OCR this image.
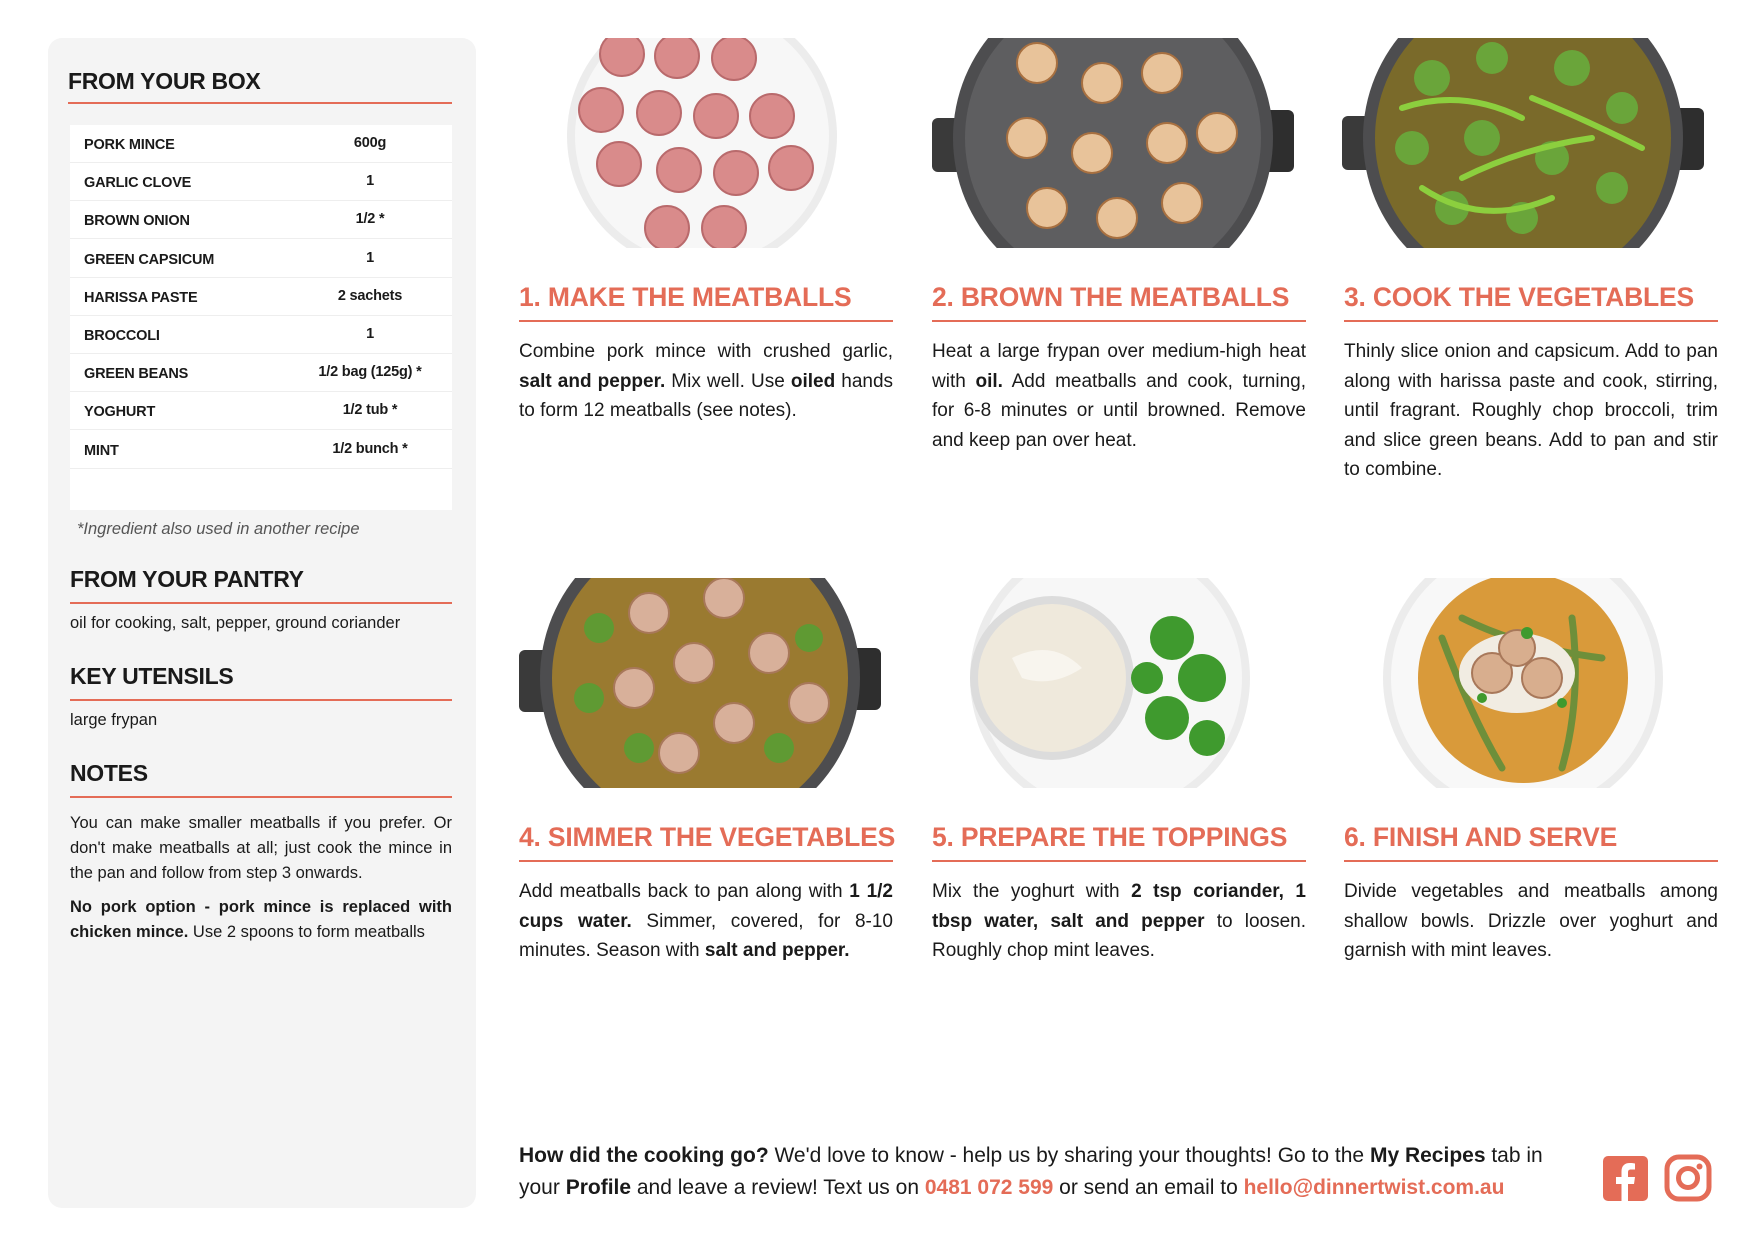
FROM YOUR BOX
PORK MINCE	600g
GARLIC CLOVE	1
BROWN ONION	1/2 *
GREEN CAPSICUM	1
HARISSA PASTE	2 sachets
BROCCOLI	1
GREEN BEANS	1/2 bag (125g) *
YOGHURT	1/2 tub *
MINT	1/2 bunch *
*Ingredient also used in another recipe
FROM YOUR PANTRY
oil for cooking, salt, pepper, ground coriander
KEY UTENSILS
large frypan
NOTES
You can make smaller meatballs if you prefer. Or don't make meatballs at all; just cook the mince in the pan and follow from step 3 onwards.
No pork option - pork mince is replaced with chicken mince. Use 2 spoons to form meatballs
1. MAKE THE MEATBALLS
Combine pork mince with crushed garlic, salt and pepper. Mix well. Use oiled hands to form 12 meatballs (see notes).
2. BROWN THE MEATBALLS
Heat a large frypan over medium-high heat with oil. Add meatballs and cook, turning, for 6-8 minutes or until browned. Remove and keep pan over heat.
3. COOK THE VEGETABLES
Thinly slice onion and capsicum. Add to pan along with harissa paste and cook, stirring, until fragrant. Roughly chop broccoli, trim and slice green beans. Add to pan and stir to combine.
4. SIMMER THE VEGETABLES
Add meatballs back to pan along with 1 1/2 cups water. Simmer, covered, for 8-10 minutes. Season with salt and pepper.
5. PREPARE THE TOPPINGS
Mix the yoghurt with 2 tsp coriander, 1 tbsp water, salt and pepper to loosen. Roughly chop mint leaves.
6. FINISH AND SERVE
Divide vegetables and meatballs among shallow bowls. Drizzle over yoghurt and garnish with mint leaves.
How did the cooking go? We'd love to know - help us by sharing your thoughts! Go to the My Recipes tab in your Profile and leave a review! Text us on 0481 072 599 or send an email to hello@dinnertwist.com.au
